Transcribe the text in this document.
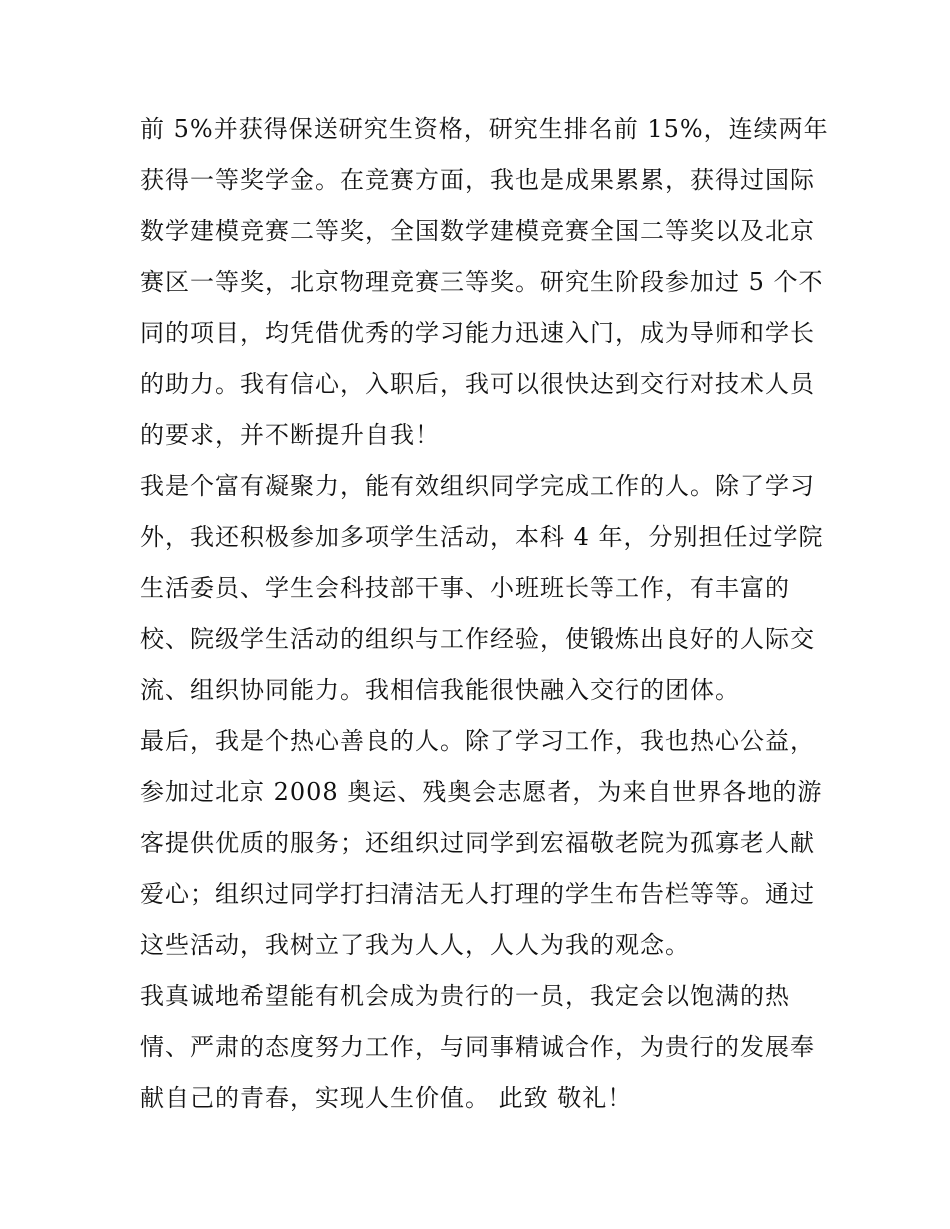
前 5%并获得保送研究生资格，研究生排名前 15%，连续两年
获得一等奖学金。在竞赛方面，我也是成果累累，获得过国际
数学建模竞赛二等奖，全国数学建模竞赛全国二等奖以及北京
赛区一等奖，北京物理竞赛三等奖。研究生阶段参加过 5 个不
同的项目，均凭借优秀的学习能力迅速入门，成为导师和学长
的助力。我有信心，入职后，我可以很快达到交行对技术人员
的要求，并不断提升自我！
我是个富有凝聚力，能有效组织同学完成工作的人。除了学习
外，我还积极参加多项学生活动，本科 4 年，分别担任过学院
生活委员、学生会科技部干事、小班班长等工作，有丰富的
校、院级学生活动的组织与工作经验，使锻炼出良好的人际交
流、组织协同能力。我相信我能很快融入交行的团体。
最后，我是个热心善良的人。除了学习工作，我也热心公益，
参加过北京 2008 奥运、残奥会志愿者，为来自世界各地的游
客提供优质的服务；还组织过同学到宏福敬老院为孤寡老人献
爱心；组织过同学打扫清洁无人打理的学生布告栏等等。通过
这些活动，我树立了我为人人，人人为我的观念。
我真诚地希望能有机会成为贵行的一员，我定会以饱满的热
情、严肃的态度努力工作，与同事精诚合作，为贵行的发展奉
献自己的青春，实现人生价值。 此致 敬礼！
